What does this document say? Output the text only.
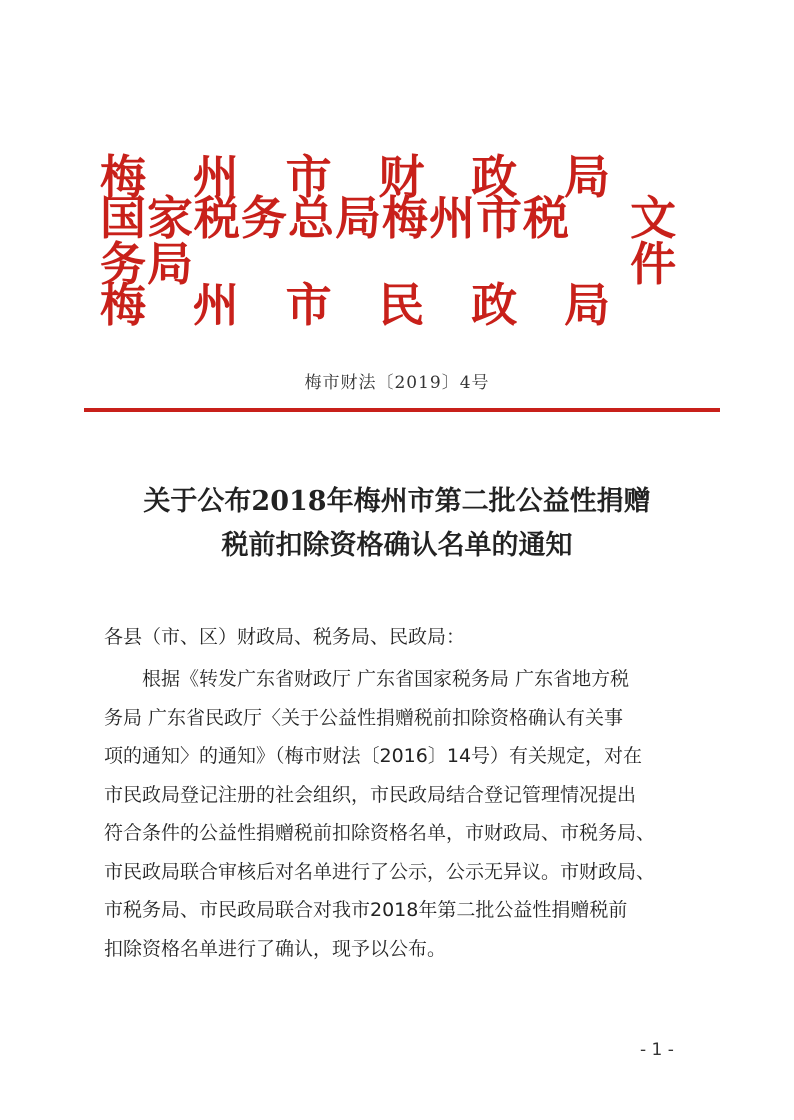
梅 州 市 财 政 局
国家税务总局梅州市税务局
文件
梅 州 市 民 政 局
梅市财法〔2019〕4号
关于公布2018年梅州市第二批公益性捐赠
税前扣除资格确认名单的通知
各县（市、区）财政局、税务局、民政局：
根据《转发广东省财政厅 广东省国家税务局 广东省地方税
务局 广东省民政厅〈关于公益性捐赠税前扣除资格确认有关事
项的通知〉的通知》（梅市财法〔2016〕14号）有关规定，对在
市民政局登记注册的社会组织，市民政局结合登记管理情况提出
符合条件的公益性捐赠税前扣除资格名单，市财政局、市税务局、
市民政局联合审核后对名单进行了公示，公示无异议。市财政局、
市税务局、市民政局联合对我市2018年第二批公益性捐赠税前
扣除资格名单进行了确认，现予以公布。
- 1 -
